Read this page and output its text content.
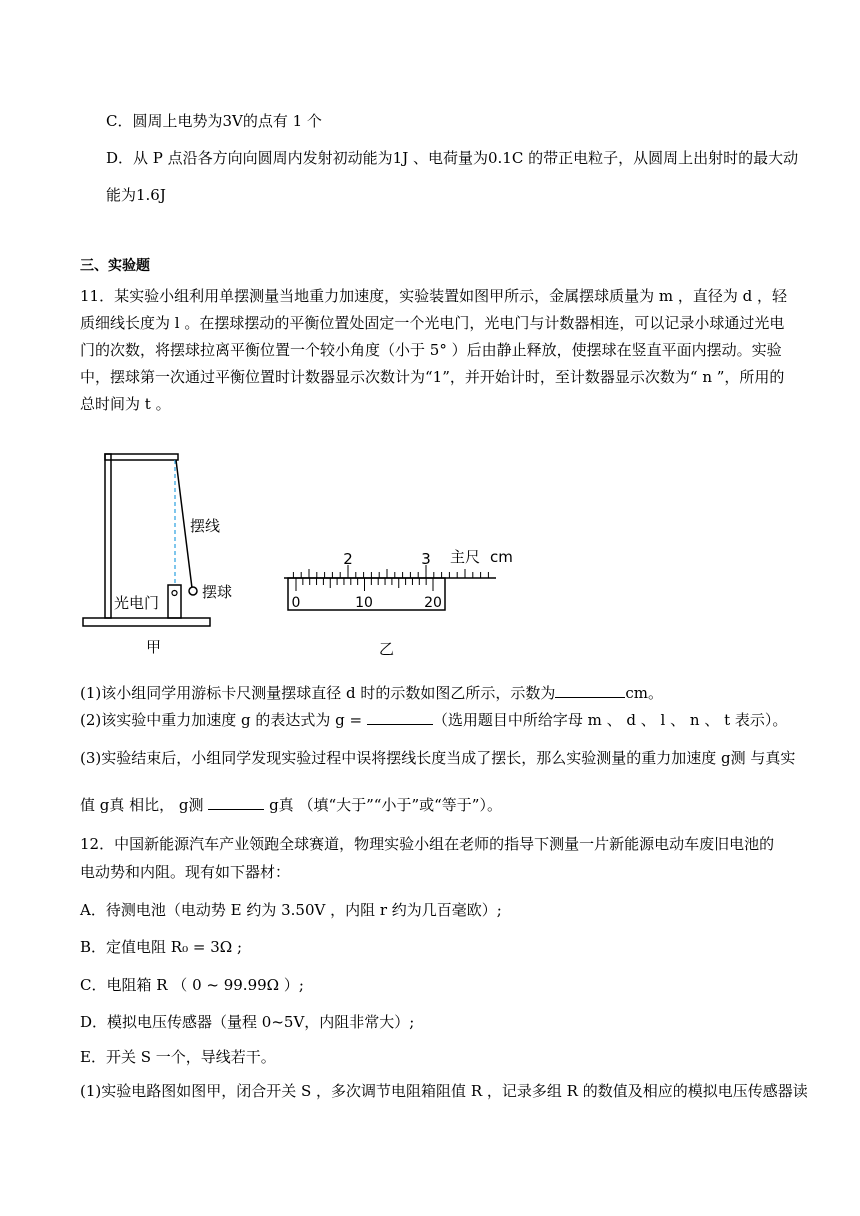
C．圆周上电势为3V的点有 1 个
D．从 P 点沿各方向向圆周内发射初动能为1J 、电荷量为0.1C 的带正电粒子，从圆周上出射时的最大动
能为1.6J
三、实验题
11．某实验小组利用单摆测量当地重力加速度，实验装置如图甲所示，金属摆球质量为 m ，直径为 d ，轻
质细线长度为 l 。在摆球摆动的平衡位置处固定一个光电门，光电门与计数器相连，可以记录小球通过光电
门的次数，将摆球拉离平衡位置一个较小角度（小于 5° ）后由静止释放，使摆球在竖直平面内摆动。实验
中，摆球第一次通过平衡位置时计数器显示次数计为“1”，并开始计时，至计数器显示次数为“ n ”，所用的
总时间为 t 。
摆线
摆球
光电门
甲
2	3 主尺 cm
0	10	20
乙
(1)该小组同学用游标卡尺测量摆球直径 d 时的示数如图乙所示，示数为	cm。
(2)该实验中重力加速度 g 的表达式为 g =	（选用题目中所给字母 m 、 d 、 l 、 n 、 t 表示）。
(3)实验结束后，小组同学发现实验过程中误将摆线长度当成了摆长，那么实验测量的重力加速度 g测 与真实
值 g真 相比， g测	g真 （填“大于”“小于”或“等于”）。
12．中国新能源汽车产业领跑全球赛道，物理实验小组在老师的指导下测量一片新能源电动车废旧电池的
电动势和内阻。现有如下器材：
A．待测电池（电动势 E 约为 3.50V ，内阻 r 约为几百毫欧）;
B．定值电阻 R₀ = 3Ω ;
C．电阻箱 R （ 0 ~ 99.99Ω ）;
D．模拟电压传感器（量程 0~5V，内阻非常大）;
E．开关 S 一个，导线若干。
(1)实验电路图如图甲，闭合开关 S ，多次调节电阻箱阻值 R ，记录多组 R 的数值及相应的模拟电压传感器读
